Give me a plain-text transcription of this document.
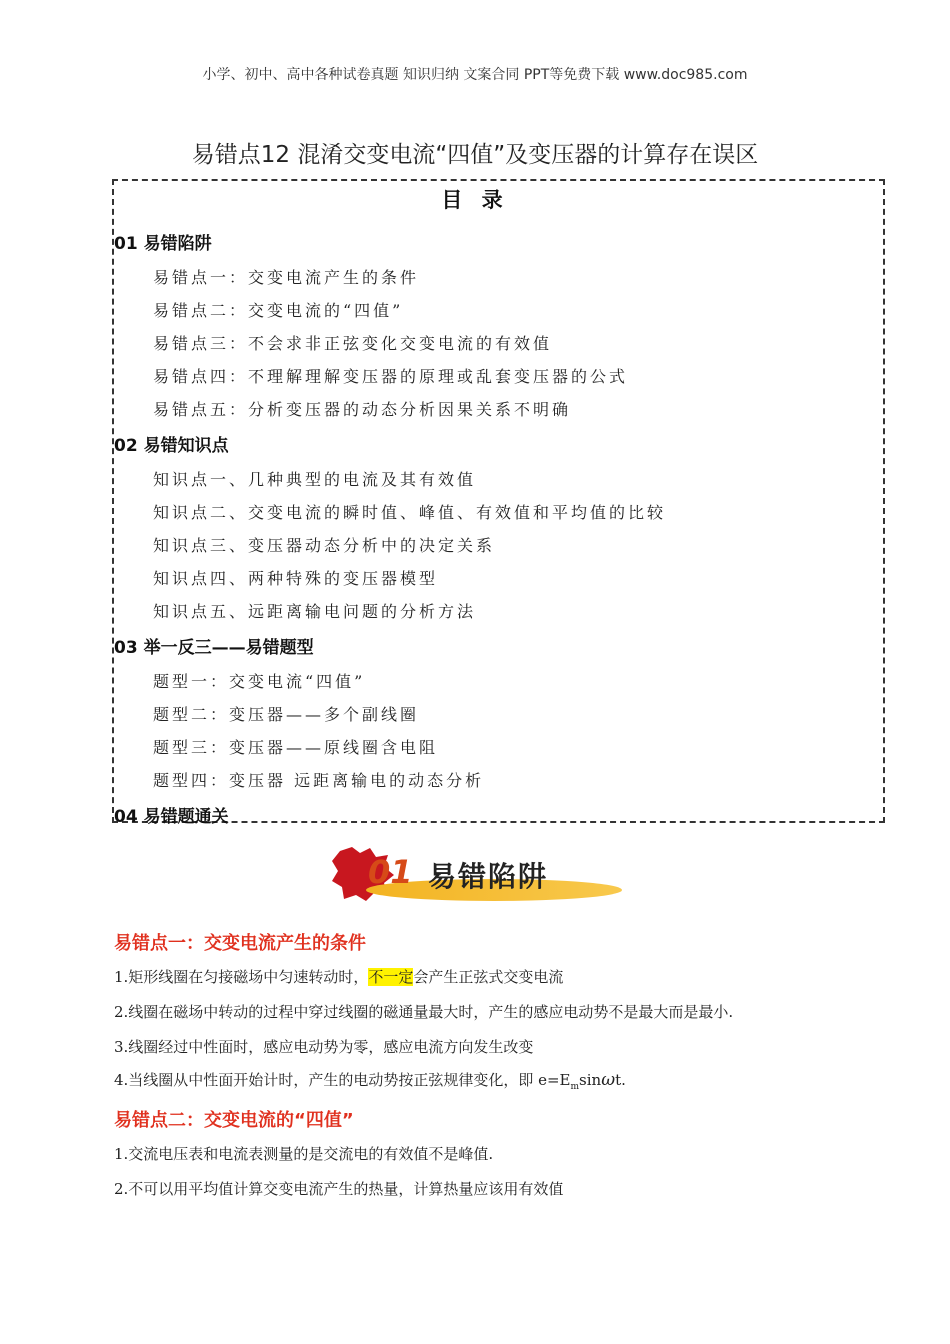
小学、初中、高中各种试卷真题 知识归纳 文案合同 PPT等免费下载 www.doc985.com
易错点12 混淆交变电流“四值”及变压器的计算存在误区
目 录
01 易错陷阱
易错点一：交变电流产生的条件
易错点二：交变电流的“四值”
易错点三：不会求非正弦变化交变电流的有效值
易错点四：不理解理解变压器的原理或乱套变压器的公式
易错点五：分析变压器的动态分析因果关系不明确
02 易错知识点
知识点一、几种典型的电流及其有效值
知识点二、交变电流的瞬时值、峰值、有效值和平均值的比较
知识点三、变压器动态分析中的决定关系
知识点四、两种特殊的变压器模型
知识点五、远距离输电问题的分析方法
03 举一反三——易错题型
题型一：交变电流“四值”
题型二：变压器——多个副线圈
题型三：变压器——原线圈含电阻
题型四：变压器 远距离输电的动态分析
04 易错题通关
01 易错陷阱
易错点一：交变电流产生的条件
1.矩形线圈在匀接磁场中匀速转动时，不一定会产生正弦式交变电流
2.线圈在磁场中转动的过程中穿过线圈的磁通量最大时，产生的感应电动势不是最大而是最小.
3.线圈经过中性面时，感应电动势为零，感应电流方向发生改变
4.当线圈从中性面开始计时，产生的电动势按正弦规律变化，即 $e=E_m\sin\omega t$.
易错点二：交变电流的“四值”
1.交流电压表和电流表测量的是交流电的有效值不是峰值.
2.不可以用平均值计算交变电流产生的热量，计算热量应该用有效值
